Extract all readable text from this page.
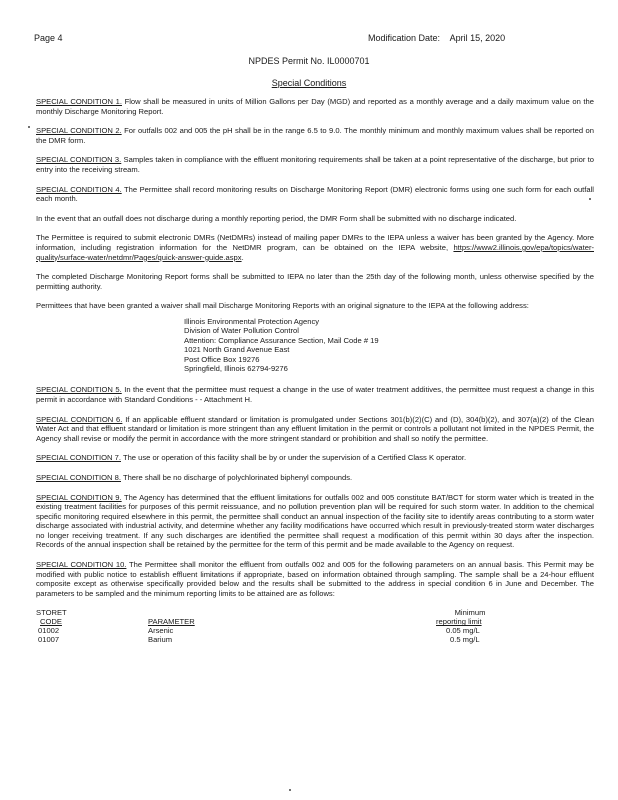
Page 4	Modification Date: April 15, 2020
NPDES Permit No. IL0000701
Special Conditions

SPECIAL CONDITION 1. Flow shall be measured in units of Million Gallons per Day (MGD) and reported as a monthly average and a daily maximum value on the monthly Discharge Monitoring Report.

SPECIAL CONDITION 2. For outfalls 002 and 005 the pH shall be in the range 6.5 to 9.0. The monthly minimum and monthly maximum values shall be reported on the DMR form.

SPECIAL CONDITION 3. Samples taken in compliance with the effluent monitoring requirements shall be taken at a point representative of the discharge, but prior to entry into the receiving stream.

SPECIAL CONDITION 4. The Permittee shall record monitoring results on Discharge Monitoring Report (DMR) electronic forms using one such form for each outfall each month.

In the event that an outfall does not discharge during a monthly reporting period, the DMR Form shall be submitted with no discharge indicated.

The Permittee is required to submit electronic DMRs (NetDMRs) instead of mailing paper DMRs to the IEPA unless a waiver has been granted by the Agency. More information, including registration information for the NetDMR program, can be obtained on the IEPA website, https://www2.illinois.gov/epa/topics/water-quality/surface-water/netdmr/Pages/quick-answer-guide.aspx.

The completed Discharge Monitoring Report forms shall be submitted to IEPA no later than the 25th day of the following month, unless otherwise specified by the permitting authority.

Permittees that have been granted a waiver shall mail Discharge Monitoring Reports with an original signature to the IEPA at the following address:

Illinois Environmental Protection Agency
Division of Water Pollution Control
Attention: Compliance Assurance Section, Mail Code # 19
1021 North Grand Avenue East
Post Office Box 19276
Springfield, Illinois 62794-9276

SPECIAL CONDITION 5. In the event that the permittee must request a change in the use of water treatment additives, the permittee must request a change in this permit in accordance with Standard Conditions - - Attachment H.

SPECIAL CONDITION 6. If an applicable effluent standard or limitation is promulgated under Sections 301(b)(2)(C) and (D), 304(b)(2), and 307(a)(2) of the Clean Water Act and that effluent standard or limitation is more stringent than any effluent limitation in the permit or controls a pollutant not limited in the NPDES Permit, the Agency shall revise or modify the permit in accordance with the more stringent standard or prohibition and shall so notify the permittee.

SPECIAL CONDITION 7. The use or operation of this facility shall be by or under the supervision of a Certified Class K operator.

SPECIAL CONDITION 8. There shall be no discharge of polychlorinated biphenyl compounds.

SPECIAL CONDITION 9. The Agency has determined that the effluent limitations for outfalls 002 and 005 constitute BAT/BCT for storm water which is treated in the existing treatment facilities for purposes of this permit reissuance, and no pollution prevention plan will be required for such storm water. In addition to the chemical specific monitoring required elsewhere in this permit, the permittee shall conduct an annual inspection of the facility site to identify areas contributing to a storm water discharge associated with industrial activity, and determine whether any facility modifications have occurred which result in previously-treated storm water discharges no longer receiving treatment. If any such discharges are identified the permittee shall request a modification of this permit within 30 days after the inspection. Records of the annual inspection shall be retained by the permittee for the term of this permit and be made available to the Agency on request.

SPECIAL CONDITION 10. The Permittee shall monitor the effluent from outfalls 002 and 005 for the following parameters on an annual basis. This Permit may be modified with public notice to establish effluent limitations if appropriate, based on information obtained through sampling. The sample shall be a 24-hour effluent composite except as otherwise specifically provided below and the results shall be submitted to the address in special condition 6 in June and December. The parameters to be sampled and the minimum reporting limits to be attained are as follows:

STORET	Minimum
CODE	PARAMETER	reporting limit
01002	Arsenic	0.05 mg/L
01007	Barium	0.5 mg/L
